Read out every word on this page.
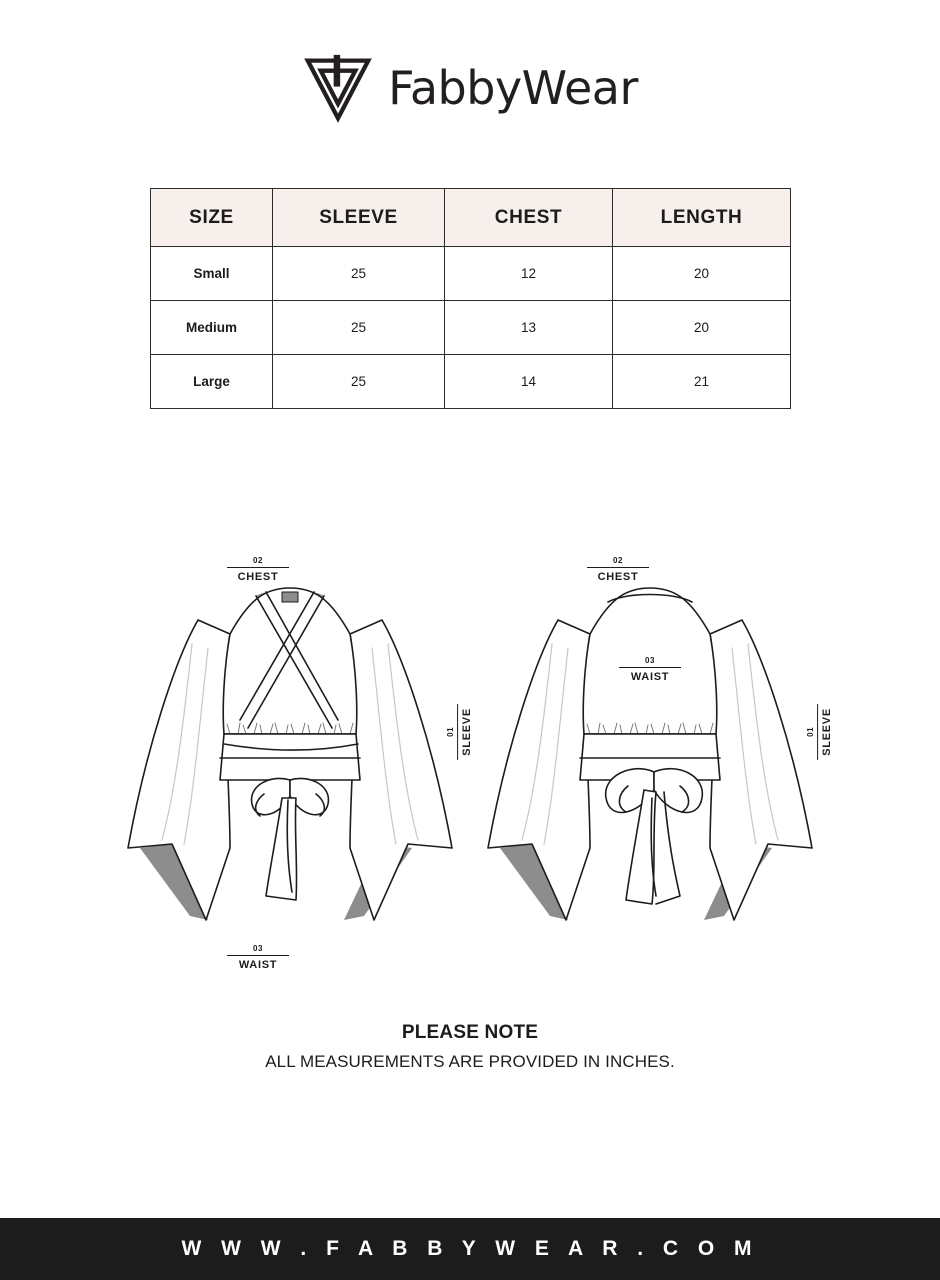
FabbyWear
SIZE	SLEEVE	CHEST	LENGTH
Small	25	12	20
Medium	25	13	20
Large	25	14	21
02
CHEST
01 SLEEVE
03
WAIST
02
CHEST
03
WAIST
01 SLEEVE
PLEASE NOTE
ALL MEASUREMENTS ARE PROVIDED IN INCHES.
W W W . F A B B Y W E A R . C O M
